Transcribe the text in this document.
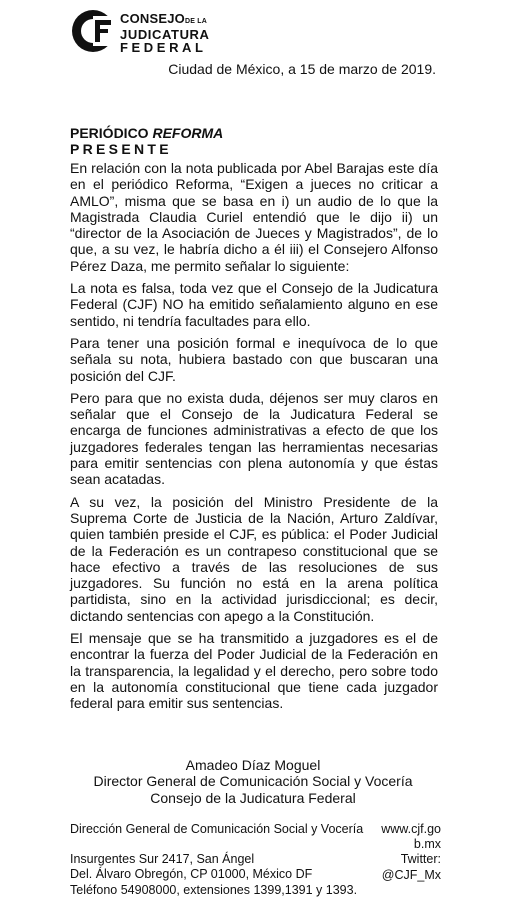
CONSEJODE LA
JUDICATURA
FEDERAL
Ciudad de México, a 15 de marzo de 2019.
PERIÓDICO REFORMA
PRESENTE

En relación con la nota publicada por Abel Barajas este día en el periódico Reforma, “Exigen a jueces no criticar a AMLO”, misma que se basa en i) un audio de lo que la Magistrada Claudia Curiel entendió que le dijo ii) un “director de la Asociación de Jueces y Magistrados”, de lo que, a su vez, le habría dicho a él iii) el Consejero Alfonso Pérez Daza, me permito señalar lo siguiente:

La nota es falsa, toda vez que el Consejo de la Judicatura Federal (CJF) NO ha emitido señalamiento alguno en ese sentido, ni tendría facultades para ello.

Para tener una posición formal e inequívoca de lo que señala su nota, hubiera bastado con que buscaran una posición del CJF.

Pero para que no exista duda, déjenos ser muy claros en señalar que el Consejo de la Judicatura Federal se encarga de funciones administrativas a efecto de que los juzgadores federales tengan las herramientas necesarias para emitir sentencias con plena autonomía y que éstas sean acatadas.

A su vez, la posición del Ministro Presidente de la Suprema Corte de Justicia de la Nación, Arturo Zaldívar, quien también preside el CJF, es pública: el Poder Judicial de la Federación es un contrapeso constitucional que se hace efectivo a través de las resoluciones de sus juzgadores. Su función no está en la arena política partidista, sino en la actividad jurisdiccional; es decir, dictando sentencias con apego a la Constitución.

El mensaje que se ha transmitido a juzgadores es el de encontrar la fuerza del Poder Judicial de la Federación en la transparencia, la legalidad y el derecho, pero sobre todo en la autonomía constitucional que tiene cada juzgador federal para emitir sus sentencias.

Amadeo Díaz Moguel
Director General de Comunicación Social y Vocería
Consejo de la Judicatura Federal
Dirección General de Comunicación Social y Vocería
Insurgentes Sur 2417, San Ángel
Del. Álvaro Obregón, CP 01000, México DF
Teléfono 54908000, extensiones 1399,1391 y 1393.
www.cjf.gob.mx
Twitter:
@CJF_Mx
